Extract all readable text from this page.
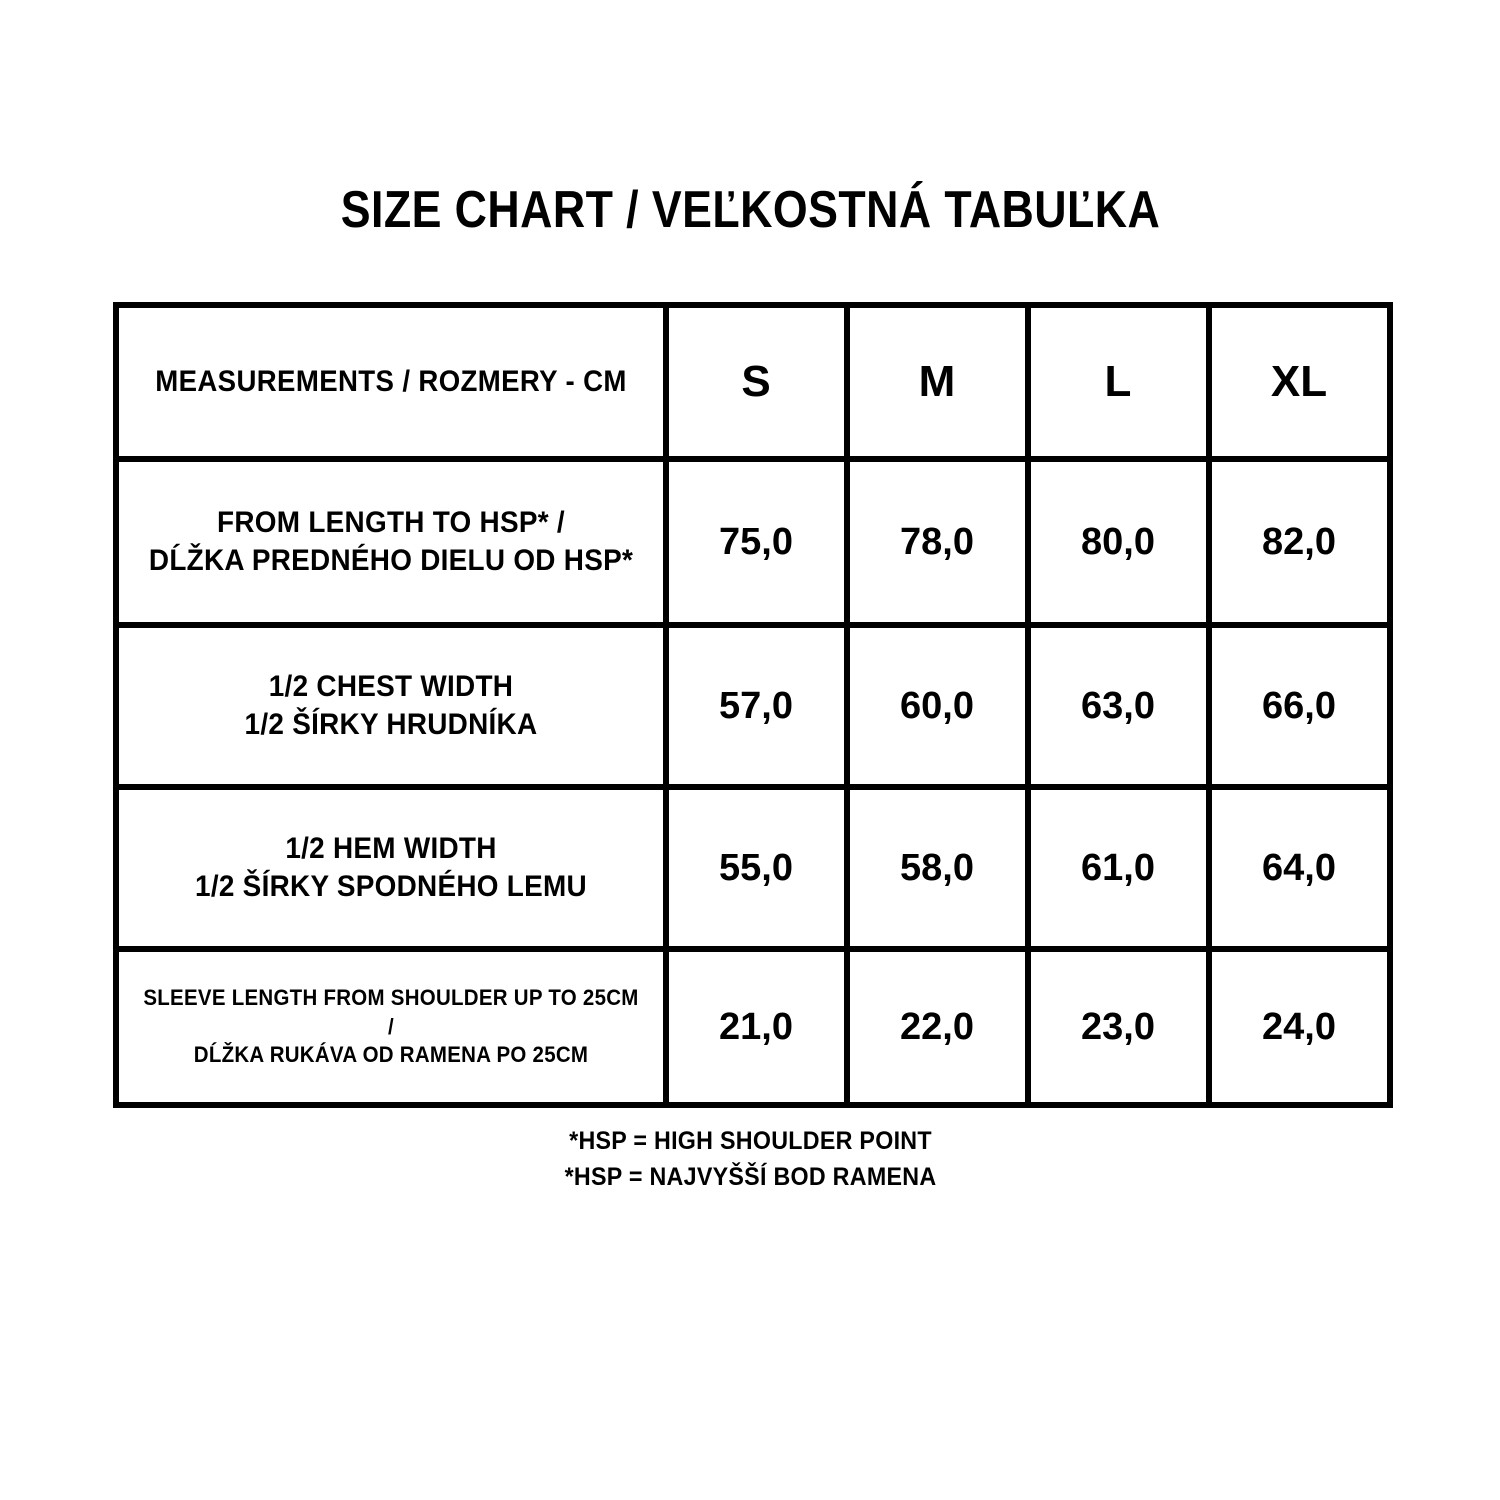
SIZE CHART / VEĽKOSTNÁ TABUĽKA
MEASUREMENTS / ROZMERY - CM	S	M	L	XL

FROM LENGTH TO HSP* /
DĹŽKA PREDNÉHO DIELU OD HSP*	75,0	78,0	80,0	82,0

1/2 CHEST WIDTH
1/2 ŠÍRKY HRUDNÍKA	57,0	60,0	63,0	66,0

1/2 HEM WIDTH
1/2 ŠÍRKY SPODNÉHO LEMU	55,0	58,0	61,0	64,0

SLEEVE LENGTH FROM SHOULDER UP TO 25CM /
DĹŽKA RUKÁVA OD RAMENA PO 25CM	21,0	22,0	23,0	24,0
*HSP = HIGH SHOULDER POINT
*HSP = NAJVYŠŠÍ BOD RAMENA
